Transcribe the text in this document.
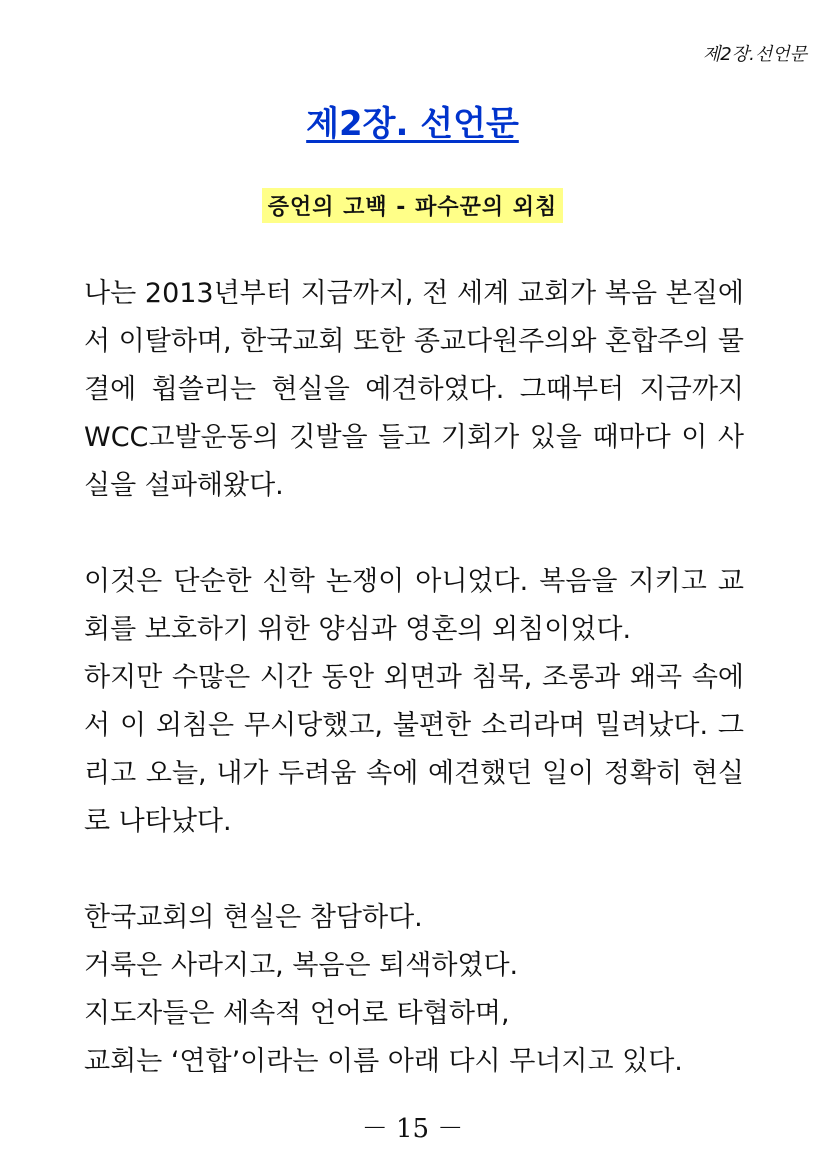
제2장.선언문
제2장. 선언문
증언의 고백 - 파수꾼의 외침

나는 2013년부터 지금까지, 전 세계 교회가 복음 본질에서 이탈하며, 한국교회 또한 종교다원주의와 혼합주의 물결에 휩쓸리는 현실을 예견하였다. 그때부터 지금까지 WCC고발운동의 깃발을 들고 기회가 있을 때마다 이 사실을 설파해왔다.

이것은 단순한 신학 논쟁이 아니었다. 복음을 지키고 교회를 보호하기 위한 양심과 영혼의 외침이었다.

하지만 수많은 시간 동안 외면과 침묵, 조롱과 왜곡 속에서 이 외침은 무시당했고, 불편한 소리라며 밀려났다. 그리고 오늘, 내가 두려움 속에 예견했던 일이 정확히 현실로 나타났다.

한국교회의 현실은 참담하다.

거룩은 사라지고, 복음은 퇴색하였다.

지도자들은 세속적 언어로 타협하며,

교회는 ‘연합’이라는 이름 아래 다시 무너지고 있다.

－ 15 －
